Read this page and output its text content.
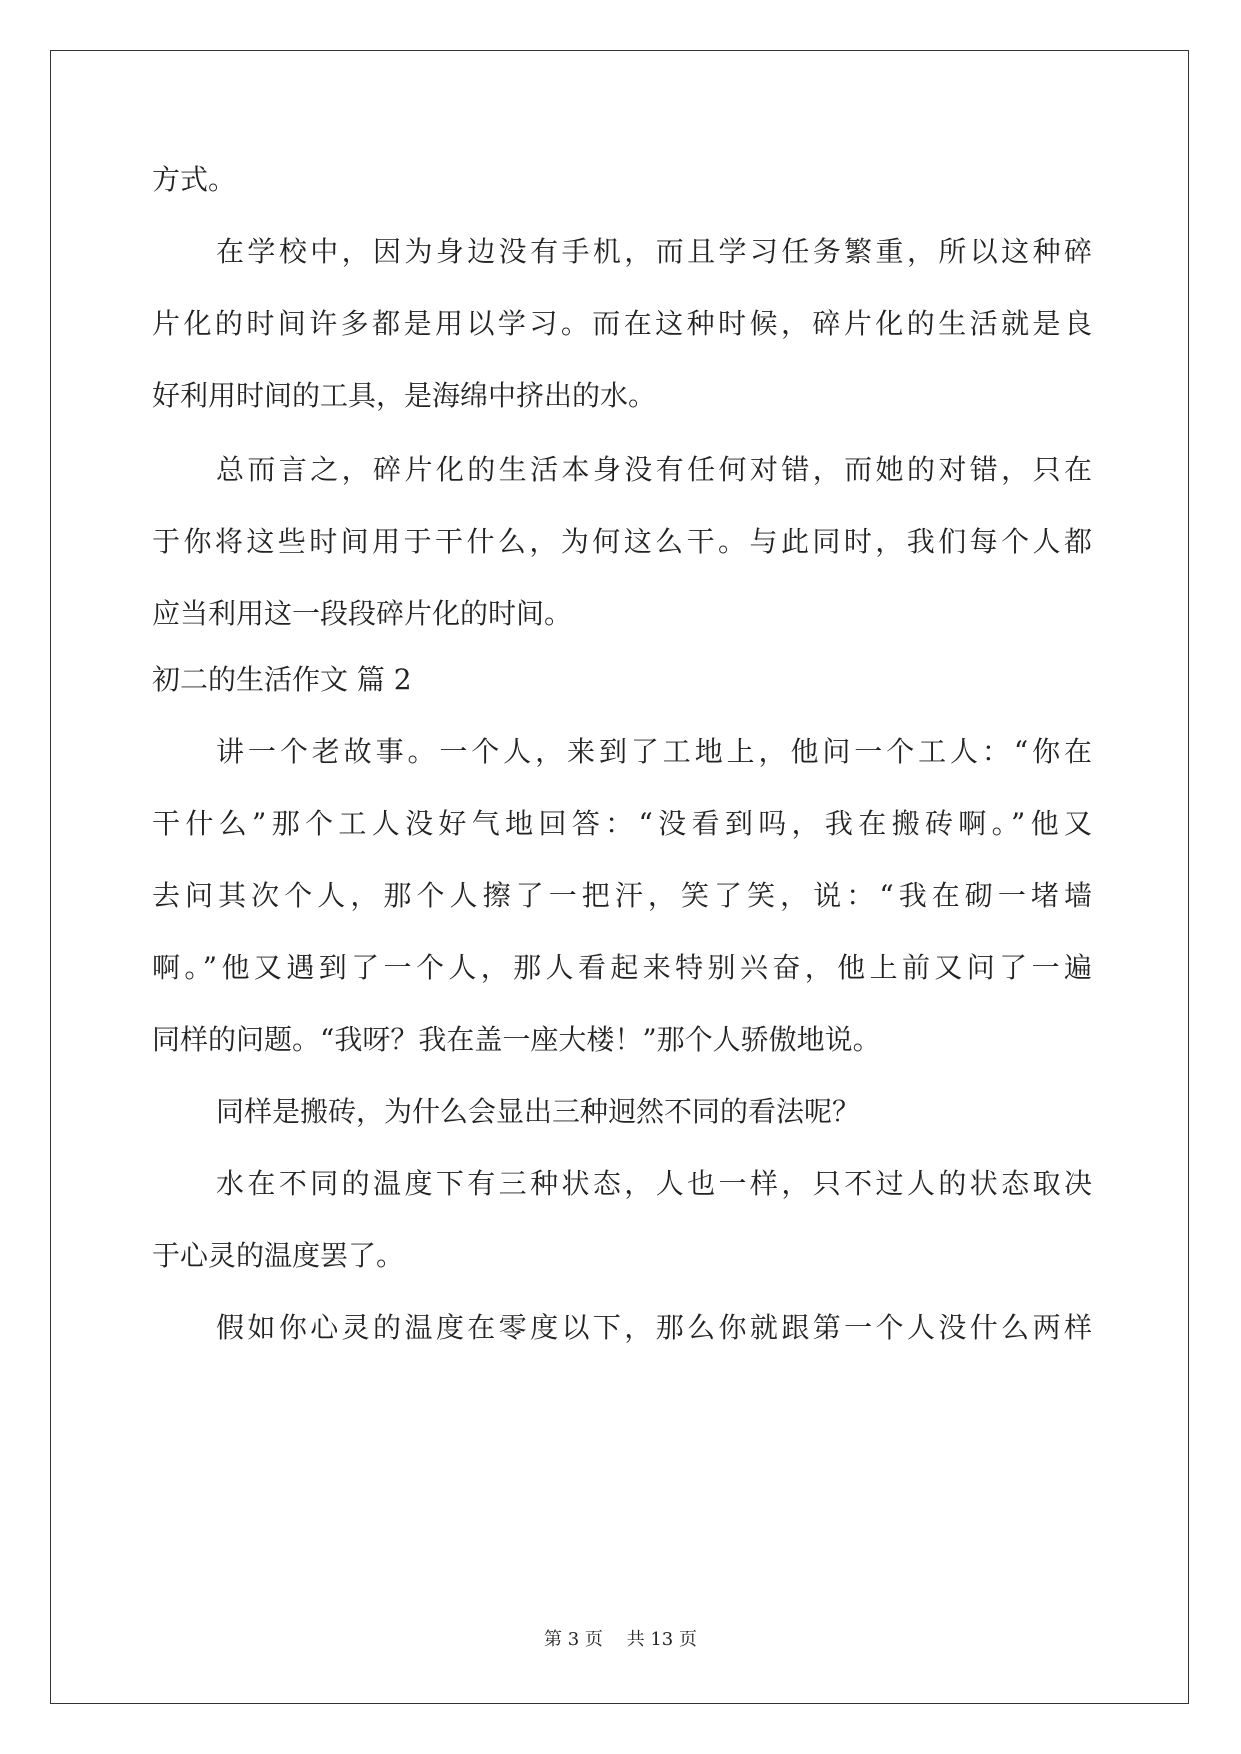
方式。
在学校中，因为身边没有手机，而且学习任务繁重，所以这种碎
片化的时间许多都是用以学习。而在这种时候，碎片化的生活就是良
好利用时间的工具，是海绵中挤出的水。
总而言之，碎片化的生活本身没有任何对错，而她的对错，只在
于你将这些时间用于干什么，为何这么干。与此同时，我们每个人都
应当利用这一段段碎片化的时间。
初二的生活作文 篇 2
讲一个老故事。一个人，来到了工地上，他问一个工人：“你在
干什么”那个工人没好气地回答：“没看到吗，我在搬砖啊。”他又
去问其次个人，那个人擦了一把汗，笑了笑，说：“我在砌一堵墙
啊。”他又遇到了一个人，那人看起来特别兴奋，他上前又问了一遍
同样的问题。“我呀？我在盖一座大楼！”那个人骄傲地说。
同样是搬砖，为什么会显出三种迥然不同的看法呢？
水在不同的温度下有三种状态，人也一样，只不过人的状态取决
于心灵的温度罢了。
假如你心灵的温度在零度以下，那么你就跟第一个人没什么两样
第 3 页　 共 13 页
